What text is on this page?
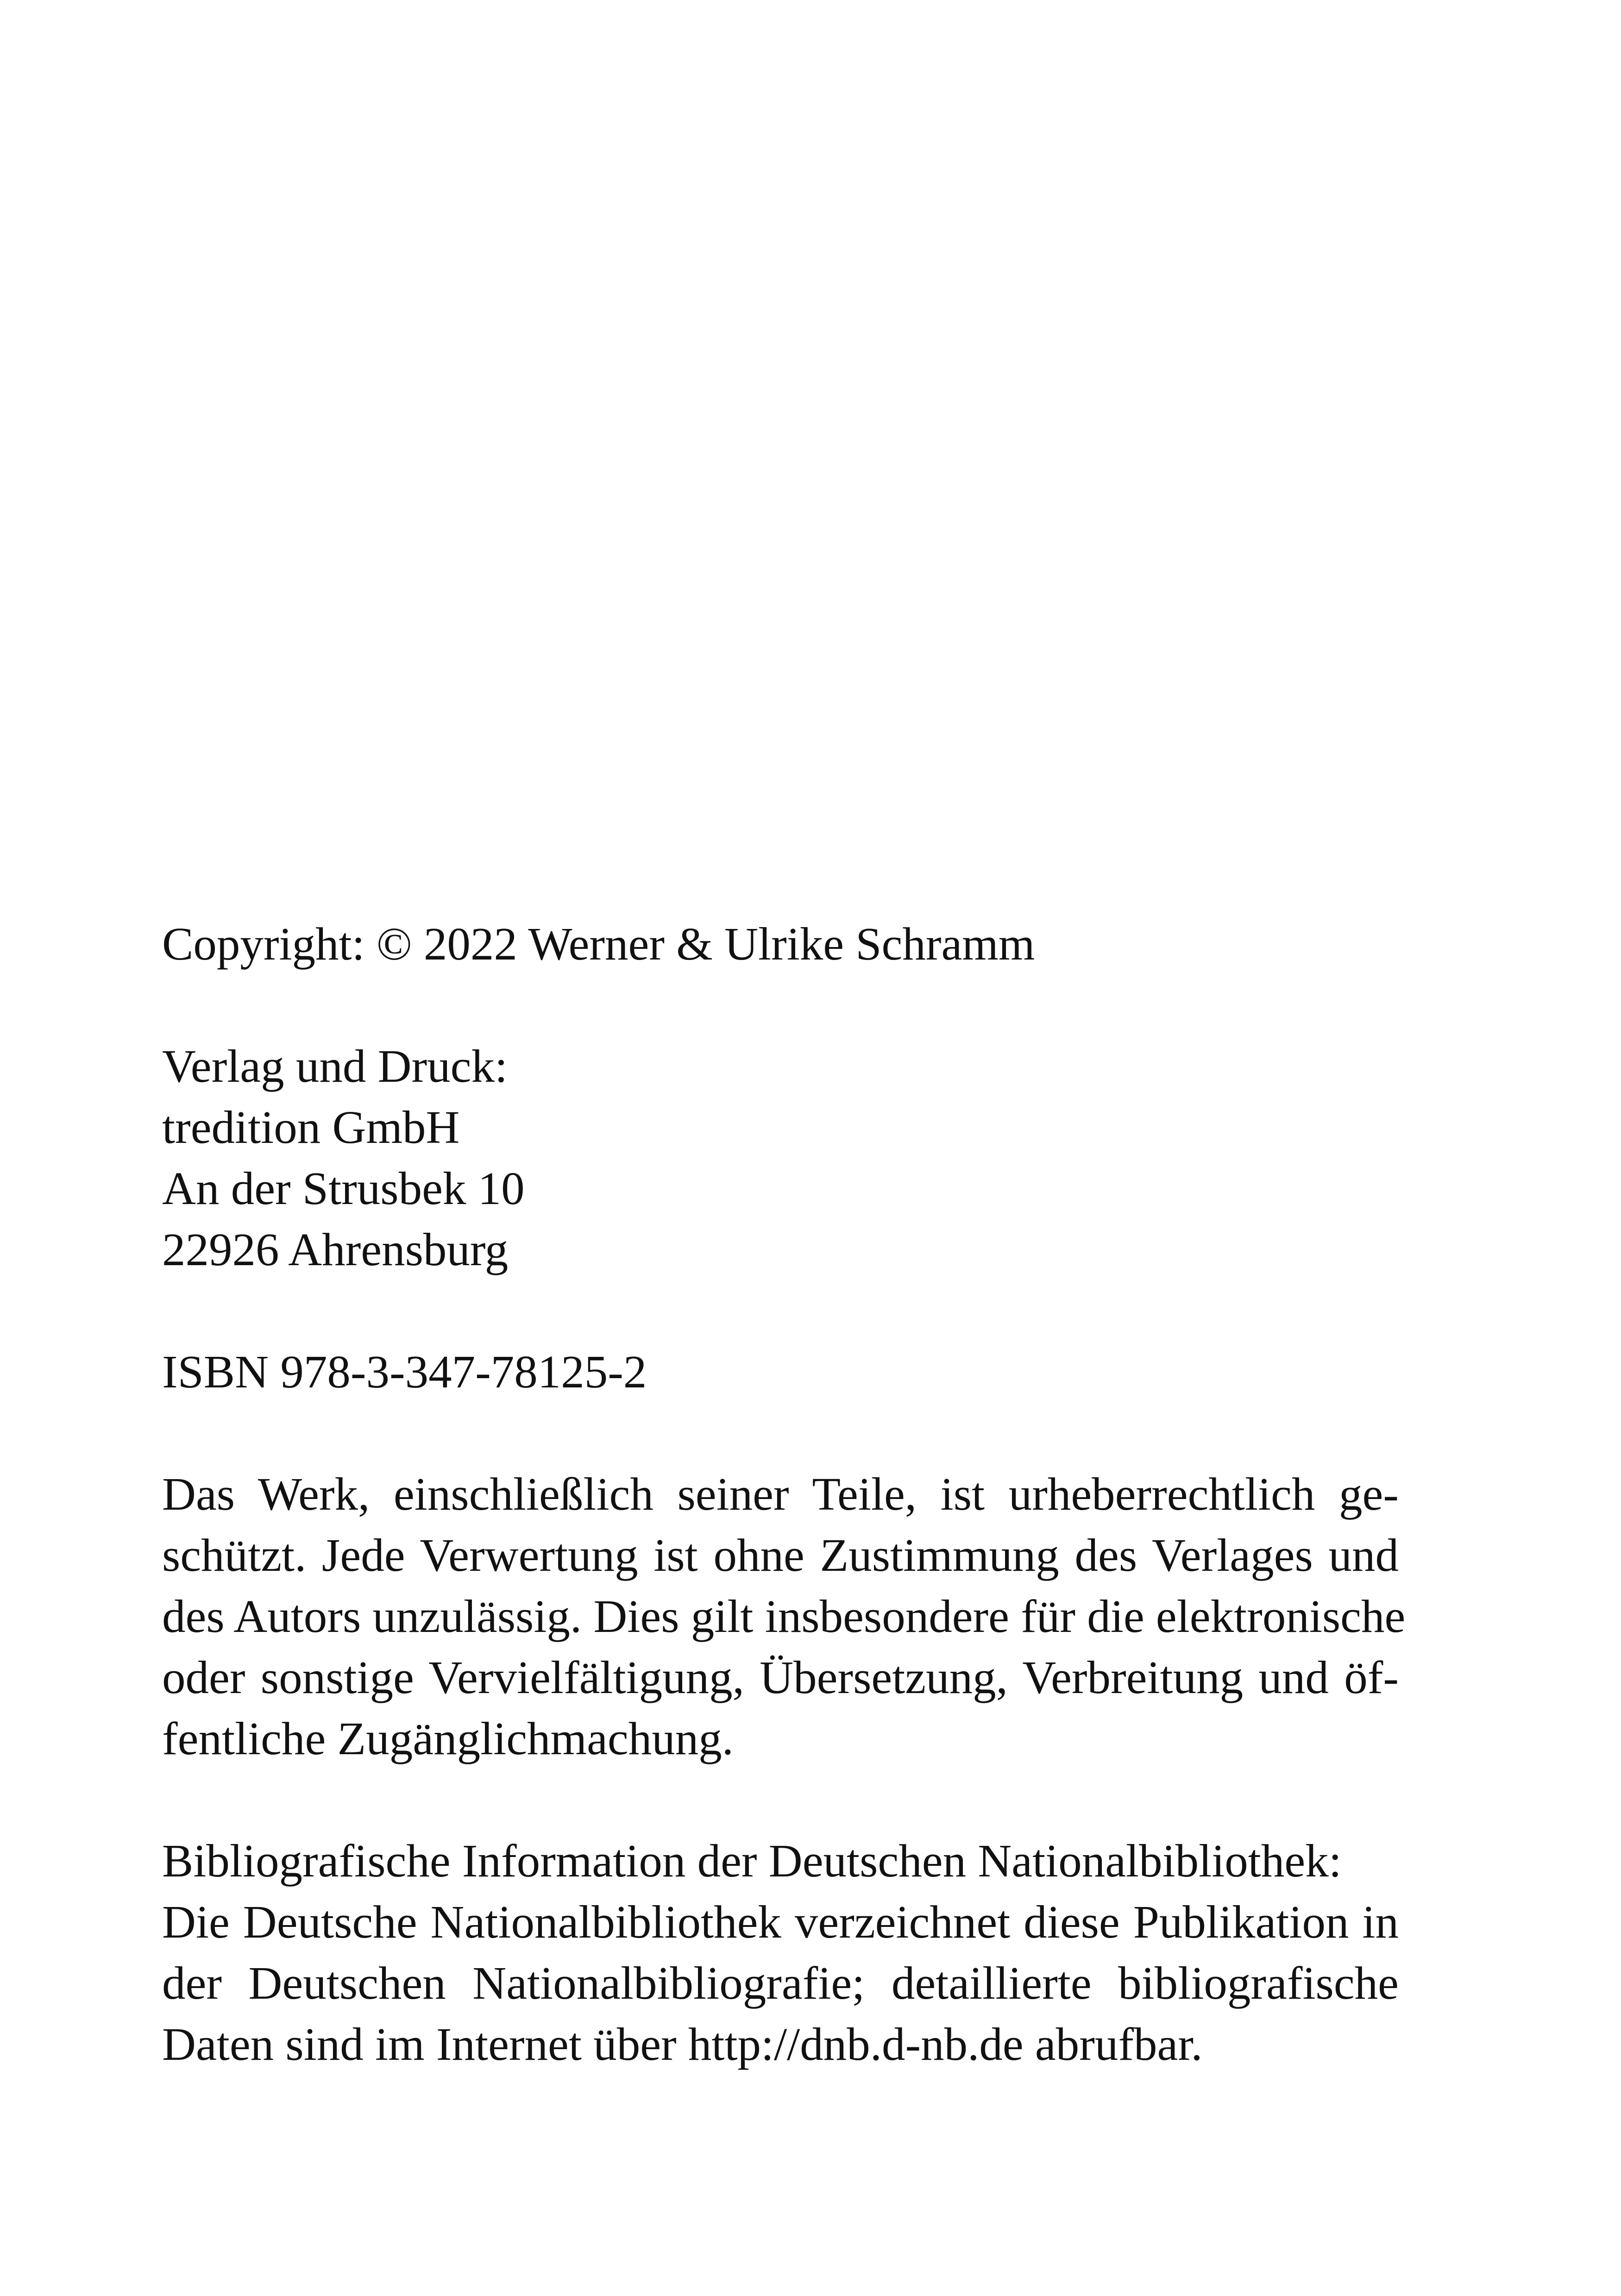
Copyright: © 2022 Werner & Ulrike Schramm

Verlag und Druck:
tredition GmbH
An der Strusbek 10
22926 Ahrensburg

ISBN 978-3-347-78125-2

Das Werk, einschließlich seiner Teile, ist urheberrechtlich ge-
schützt. Jede Verwertung ist ohne Zustimmung des Verlages und
des Autors unzulässig. Dies gilt insbesondere für die elektronische
oder sonstige Vervielfältigung, Übersetzung, Verbreitung und öf-
fentliche Zugänglichmachung.

Bibliografische Information der Deutschen Nationalbibliothek:
Die Deutsche Nationalbibliothek verzeichnet diese Publikation in
der Deutschen Nationalbibliografie; detaillierte bibliografische
Daten sind im Internet über http://dnb.d-nb.de abrufbar.
